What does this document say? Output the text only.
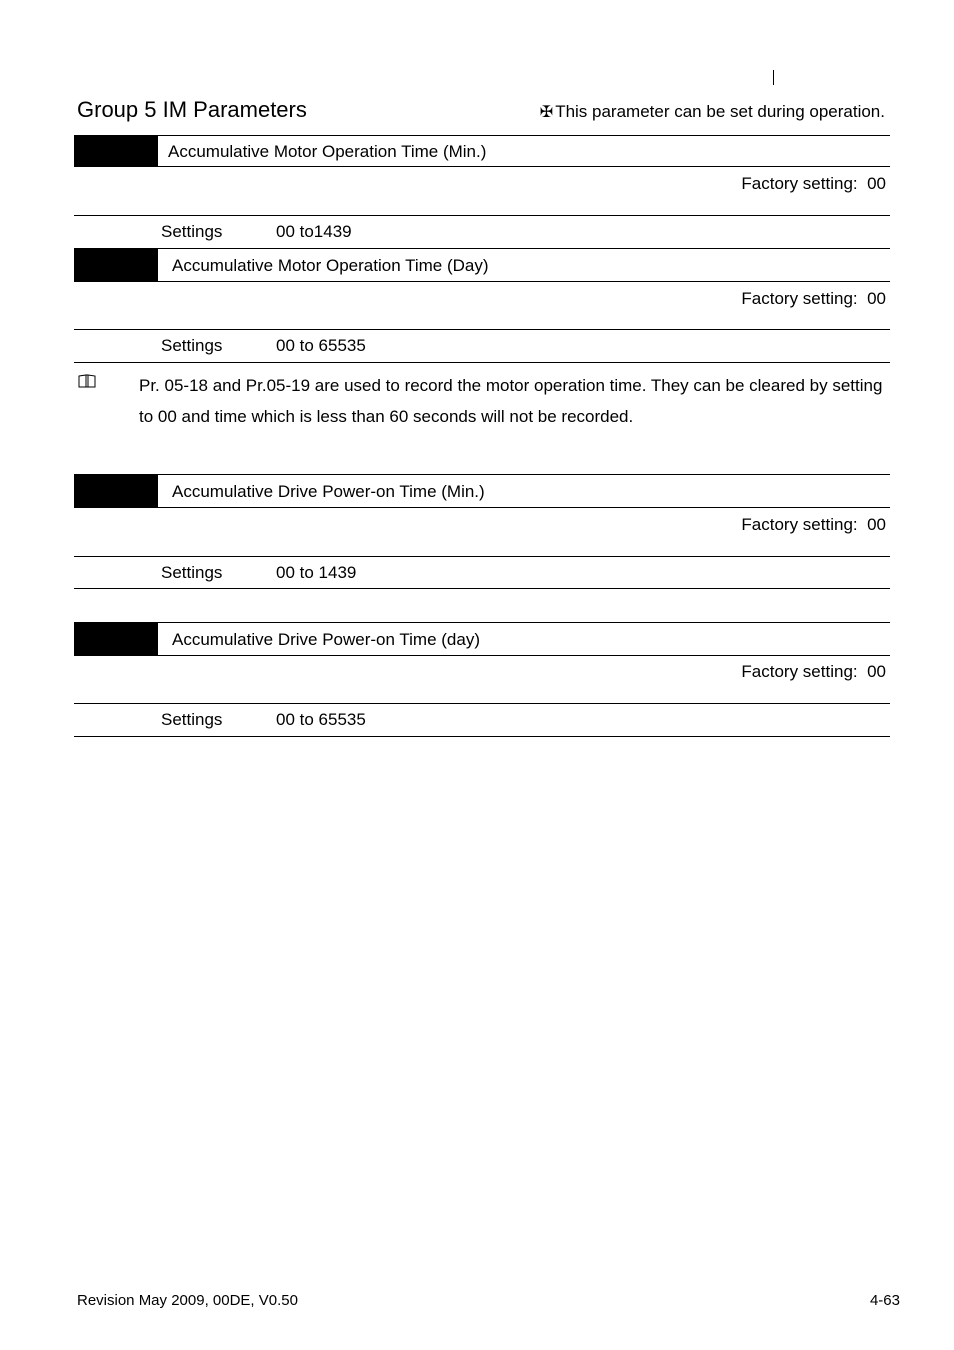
Group 5 IM Parameters	✠ This parameter can be set during operation.
Accumulative Motor Operation Time (Min.)
Factory setting: 00
Settings	00 to1439
Accumulative Motor Operation Time (Day)
Factory setting: 00
Settings	00 to 65535
Pr. 05-18 and Pr.05-19 are used to record the motor operation time. They can be cleared by setting to 00 and time which is less than 60 seconds will not be recorded.
Accumulative Drive Power-on Time (Min.)
Factory setting: 00
Settings	00 to 1439
Accumulative Drive Power-on Time (day)
Factory setting: 00
Settings	00 to 65535
Revision May 2009, 00DE, V0.50	4-63
